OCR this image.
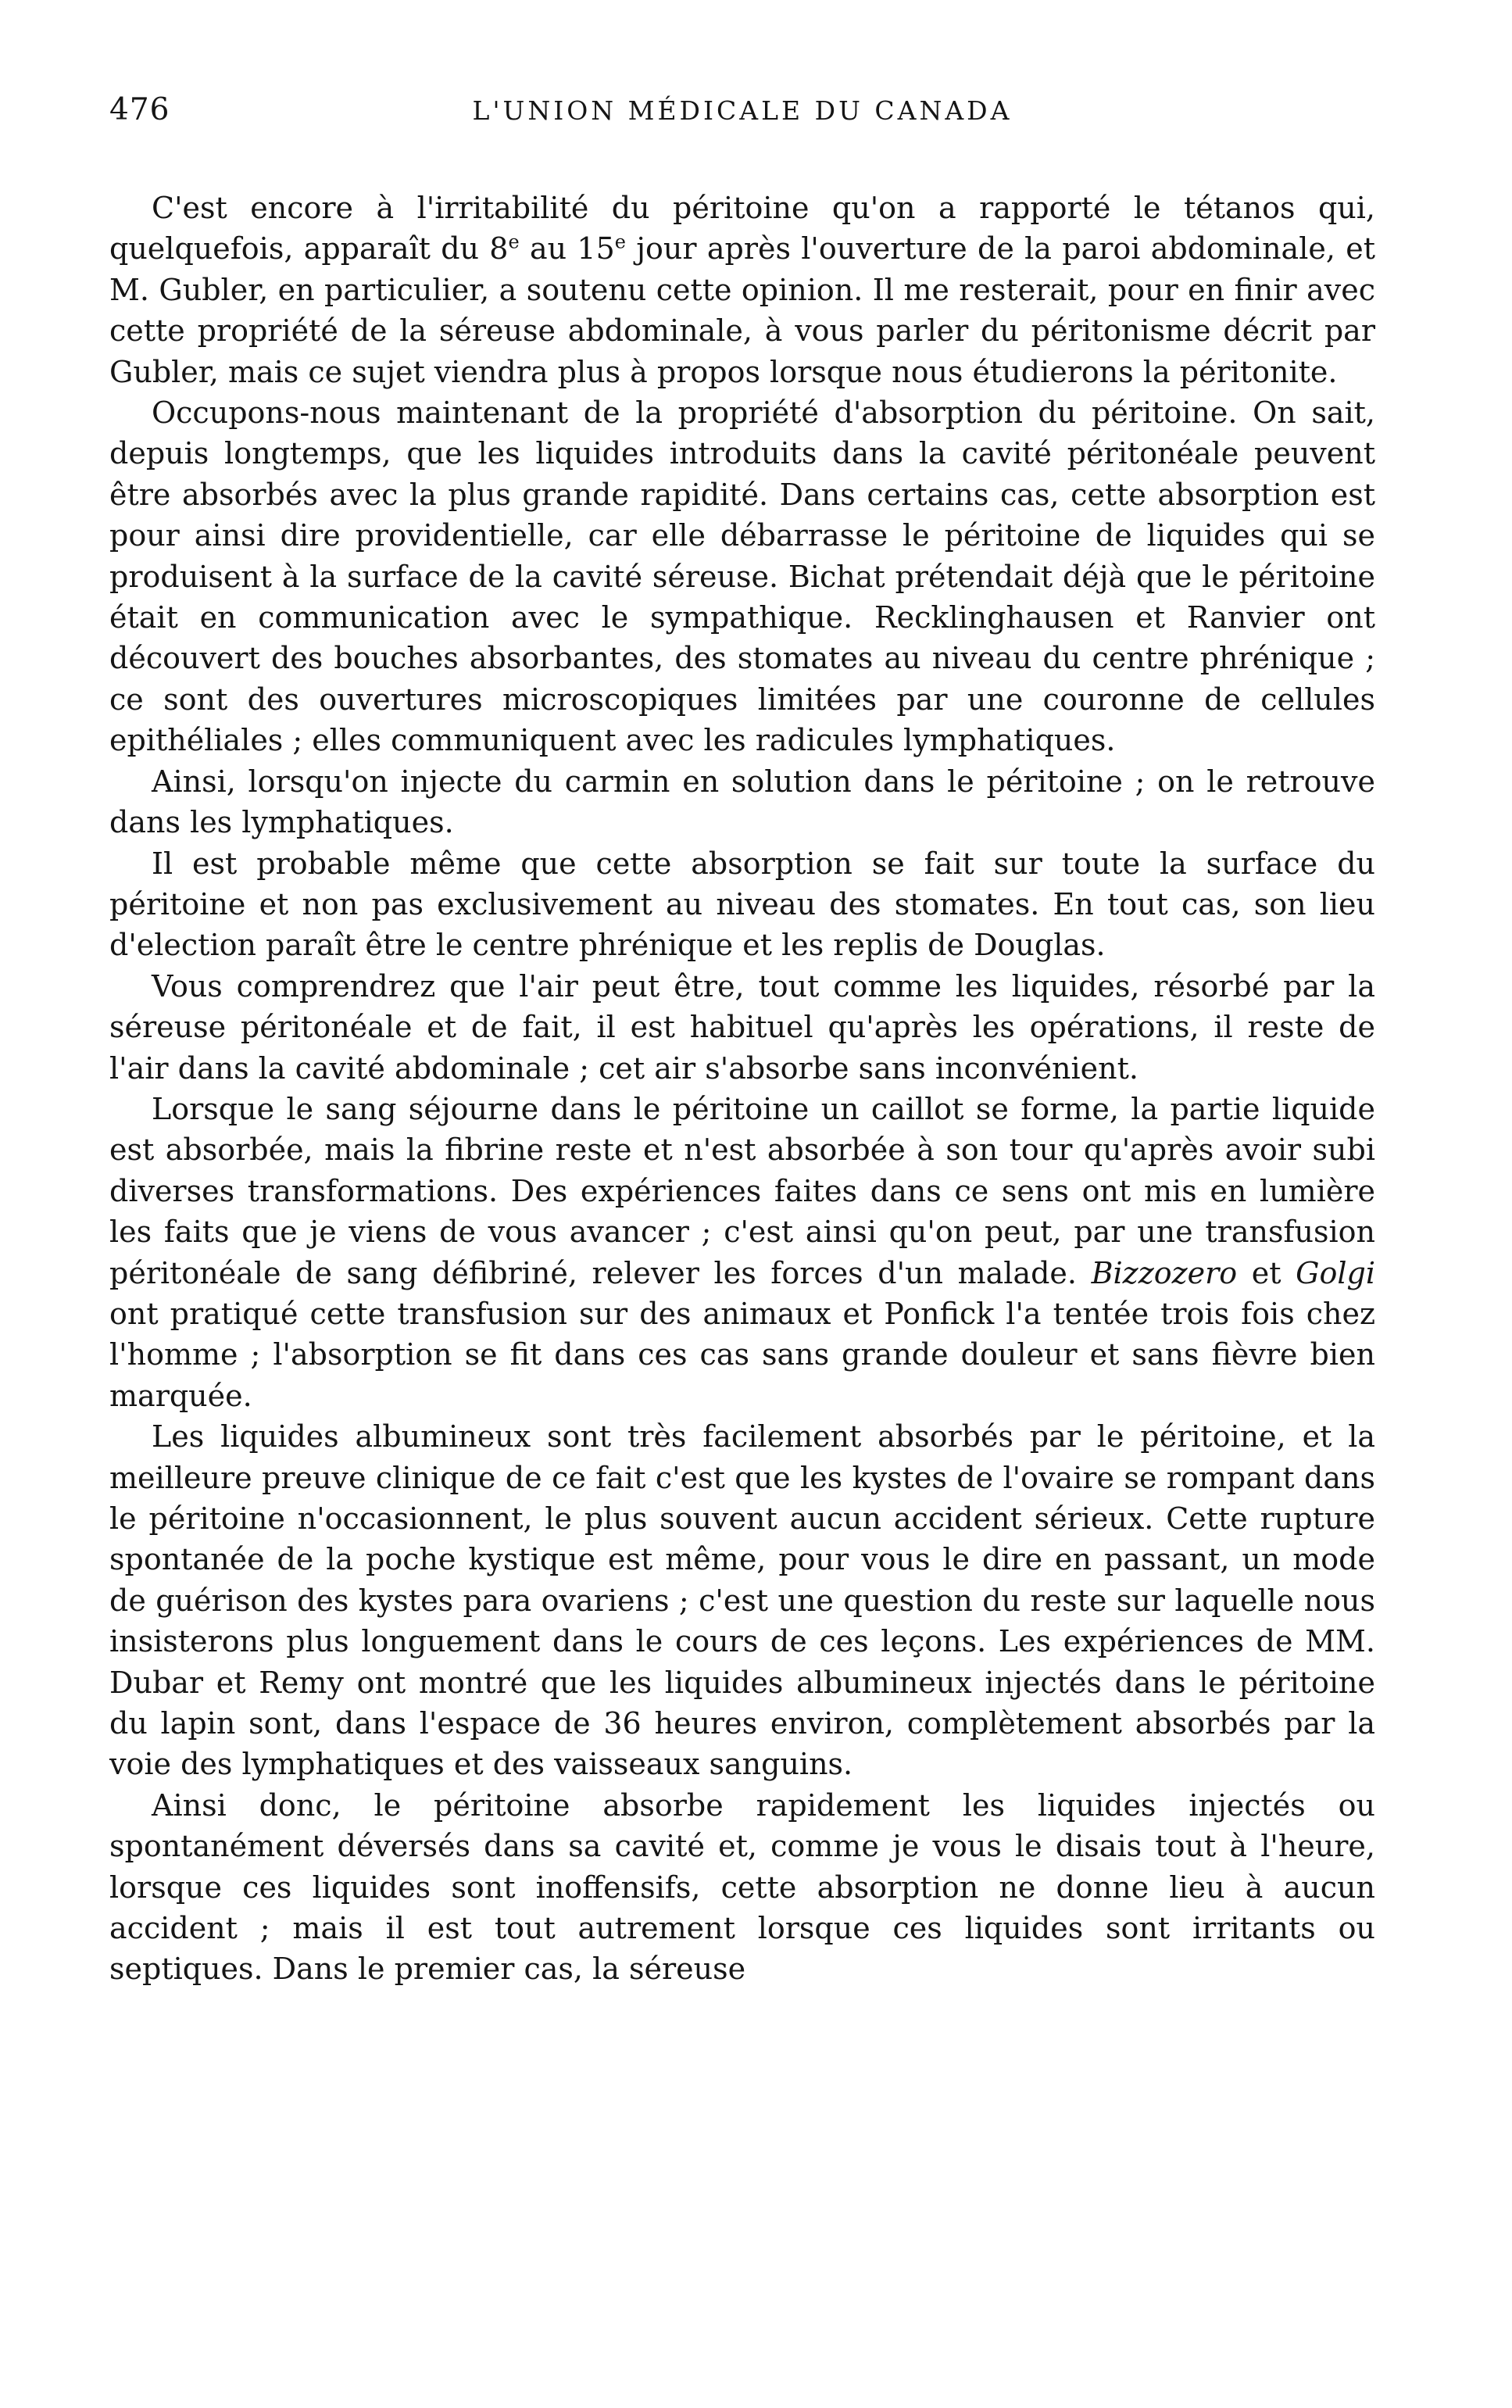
476	L'UNION MÉDICALE DU CANADA

C'est encore à l'irritabilité du péritoine qu'on a rapporté le tétanos qui, quelquefois, apparaît du 8e au 15e jour après l'ouverture de la paroi abdominale, et M. Gubler, en particulier, a soutenu cette opinion. Il me resterait, pour en finir avec cette propriété de la séreuse abdominale, à vous parler du péritonisme décrit par Gubler, mais ce sujet viendra plus à propos lorsque nous étudierons la péritonite.

Occupons-nous maintenant de la propriété d'absorption du péritoine. On sait, depuis longtemps, que les liquides introduits dans la cavité péritonéale peuvent être absorbés avec la plus grande rapidité. Dans certains cas, cette absorption est pour ainsi dire providentielle, car elle débarrasse le péritoine de liquides qui se produisent à la surface de la cavité séreuse. Bichat prétendait déjà que le péritoine était en communication avec le sympathique. Recklinghausen et Ranvier ont découvert des bouches absorbantes, des stomates au niveau du centre phrénique ; ce sont des ouvertures microscopiques limitées par une couronne de cellules epithéliales ; elles communiquent avec les radicules lymphatiques.

Ainsi, lorsqu'on injecte du carmin en solution dans le péritoine ; on le retrouve dans les lymphatiques.

Il est probable même que cette absorption se fait sur toute la surface du péritoine et non pas exclusivement au niveau des stomates. En tout cas, son lieu d'election paraît être le centre phrénique et les replis de Douglas.

Vous comprendrez que l'air peut être, tout comme les liquides, résorbé par la séreuse péritonéale et de fait, il est habituel qu'après les opérations, il reste de l'air dans la cavité abdominale ; cet air s'absorbe sans inconvénient.

Lorsque le sang séjourne dans le péritoine un caillot se forme, la partie liquide est absorbée, mais la fibrine reste et n'est absorbée à son tour qu'après avoir subi diverses transformations. Des expériences faites dans ce sens ont mis en lumière les faits que je viens de vous avancer ; c'est ainsi qu'on peut, par une transfusion péritonéale de sang défibriné, relever les forces d'un malade. Bizzozero et Golgi ont pratiqué cette transfusion sur des animaux et Ponfick l'a tentée trois fois chez l'homme ; l'absorption se fit dans ces cas sans grande douleur et sans fièvre bien marquée.

Les liquides albumineux sont très facilement absorbés par le péritoine, et la meilleure preuve clinique de ce fait c'est que les kystes de l'ovaire se rompant dans le péritoine n'occasionnent, le plus souvent aucun accident sérieux. Cette rupture spontanée de la poche kystique est même, pour vous le dire en passant, un mode de guérison des kystes para ovariens ; c'est une question du reste sur laquelle nous insisterons plus longuement dans le cours de ces leçons. Les expériences de MM. Dubar et Remy ont montré que les liquides albumineux injectés dans le péritoine du lapin sont, dans l'espace de 36 heures environ, complètement absorbés par la voie des lymphatiques et des vaisseaux sanguins.

Ainsi donc, le péritoine absorbe rapidement les liquides injectés ou spontanément déversés dans sa cavité et, comme je vous le disais tout à l'heure, lorsque ces liquides sont inoffensifs, cette absorption ne donne lieu à aucun accident ; mais il est tout autrement lorsque ces liquides sont irritants ou septiques. Dans le premier cas, la séreuse
